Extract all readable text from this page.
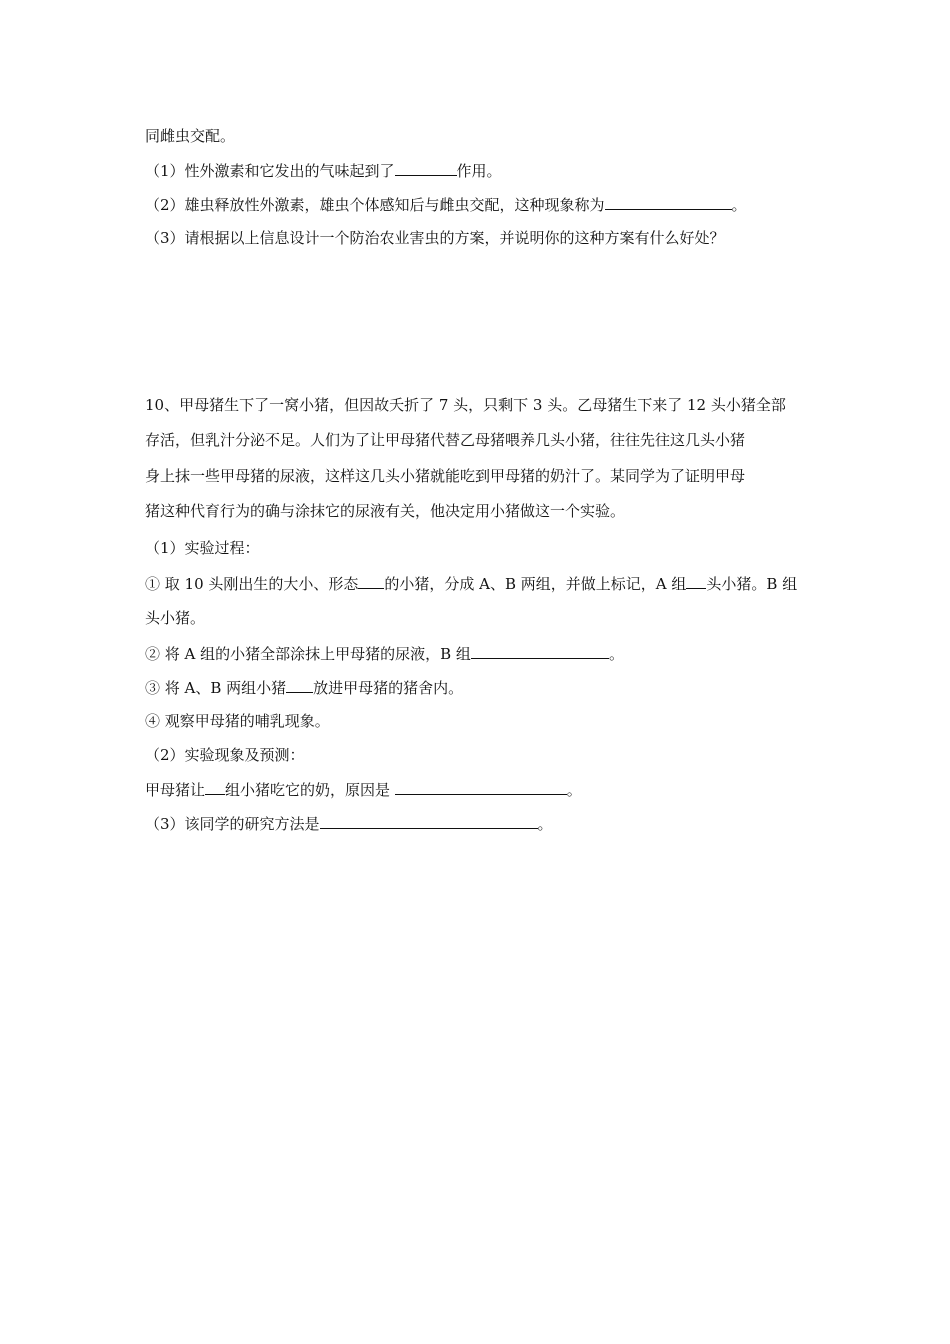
同雌虫交配。
（1）性外激素和它发出的气味起到了	作用。
（2）雄虫释放性外激素，雄虫个体感知后与雌虫交配，这种现象称为	。
（3）请根据以上信息设计一个防治农业害虫的方案，并说明你的这种方案有什么好处？
10、甲母猪生下了一窝小猪，但因故夭折了 7 头，只剩下 3 头。乙母猪生下来了 12 头小猪全部
存活，但乳汁分泌不足。人们为了让甲母猪代替乙母猪喂养几头小猪，往往先往这几头小猪
身上抹一些甲母猪的尿液，这样这几头小猪就能吃到甲母猪的奶汁了。某同学为了证明甲母
猪这种代育行为的确与涂抹它的尿液有关，他决定用小猪做这一个实验。
（1）实验过程：
① 取 10 头刚出生的大小、形态 的小猪，分成 A、B 两组，并做上标记，A 组 头小猪。B 组
头小猪。
② 将 A 组的小猪全部涂抹上甲母猪的尿液，B 组	。
③ 将 A、B 两组小猪 放进甲母猪的猪舍内。
④ 观察甲母猪的哺乳现象。
（2）实验现象及预测：
甲母猪让 组小猪吃它的奶，原因是	。
（3）该同学的研究方法是	。
